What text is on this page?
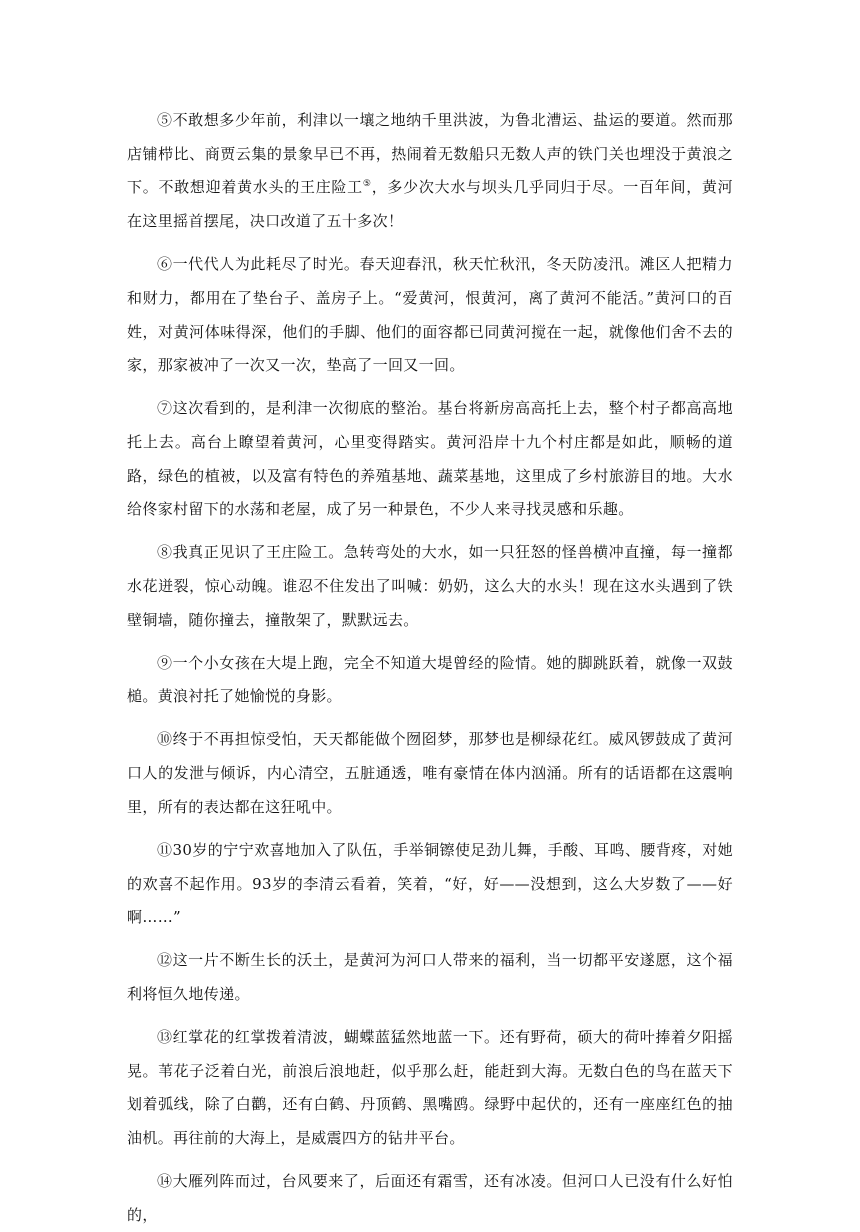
⑤不敢想多少年前，利津以一壤之地纳千里洪波，为鲁北漕运、盐运的要道。然而那店铺栉比、商贾云集的景象早已不再，热闹着无数船只无数人声的铁门关也埋没于黄浪之下。不敢想迎着黄水头的王庄险工⑤，多少次大水与坝头几乎同归于尽。一百年间，黄河在这里摇首摆尾，决口改道了五十多次！

⑥一代代人为此耗尽了时光。春天迎春汛，秋天忙秋汛，冬天防凌汛。滩区人把精力和财力，都用在了垫台子、盖房子上。“爱黄河，恨黄河，离了黄河不能活。”黄河口的百姓，对黄河体味得深，他们的手脚、他们的面容都已同黄河搅在一起，就像他们舍不去的家，那家被冲了一次又一次，垫高了一回又一回。

⑦这次看到的，是利津一次彻底的整治。基台将新房高高托上去，整个村子都高高地托上去。高台上瞭望着黄河，心里变得踏实。黄河沿岸十九个村庄都是如此，顺畅的道路，绿色的植被，以及富有特色的养殖基地、蔬菜基地，这里成了乡村旅游目的地。大水给佟家村留下的水荡和老屋，成了另一种景色，不少人来寻找灵感和乐趣。

⑧我真正见识了王庄险工。急转弯处的大水，如一只狂怒的怪兽横冲直撞，每一撞都水花迸裂，惊心动魄。谁忍不住发出了叫喊：奶奶，这么大的水头！现在这水头遇到了铁壁铜墙，随你撞去，撞散架了，默默远去。

⑨一个小女孩在大堤上跑，完全不知道大堤曾经的险情。她的脚跳跃着，就像一双鼓槌。黄浪衬托了她愉悦的身影。

⑩终于不再担惊受怕，天天都能做个囫囵梦，那梦也是柳绿花红。威风锣鼓成了黄河口人的发泄与倾诉，内心清空，五脏通透，唯有豪情在体内汹涌。所有的话语都在这震响里，所有的表达都在这狂吼中。

⑪30岁的宁宁欢喜地加入了队伍，手举铜镲使足劲儿舞，手酸、耳鸣、腰背疼，对她的欢喜不起作用。93岁的李清云看着，笑着，“好，好——没想到，这么大岁数了——好啊……”

⑫这一片不断生长的沃土，是黄河为河口人带来的福利，当一切都平安遂愿，这个福利将恒久地传递。

⑬红掌花的红掌拨着清波，蝴蝶蓝猛然地蓝一下。还有野荷，硕大的荷叶捧着夕阳摇晃。苇花子泛着白光，前浪后浪地赶，似乎那么赶，能赶到大海。无数白色的鸟在蓝天下划着弧线，除了白鹳，还有白鹤、丹顶鹤、黑嘴鸥。绿野中起伏的，还有一座座红色的抽油机。再往前的大海上，是威震四方的钻井平台。

⑭大雁列阵而过，台风要来了，后面还有霜雪，还有冰凌。但河口人已没有什么好怕的，
